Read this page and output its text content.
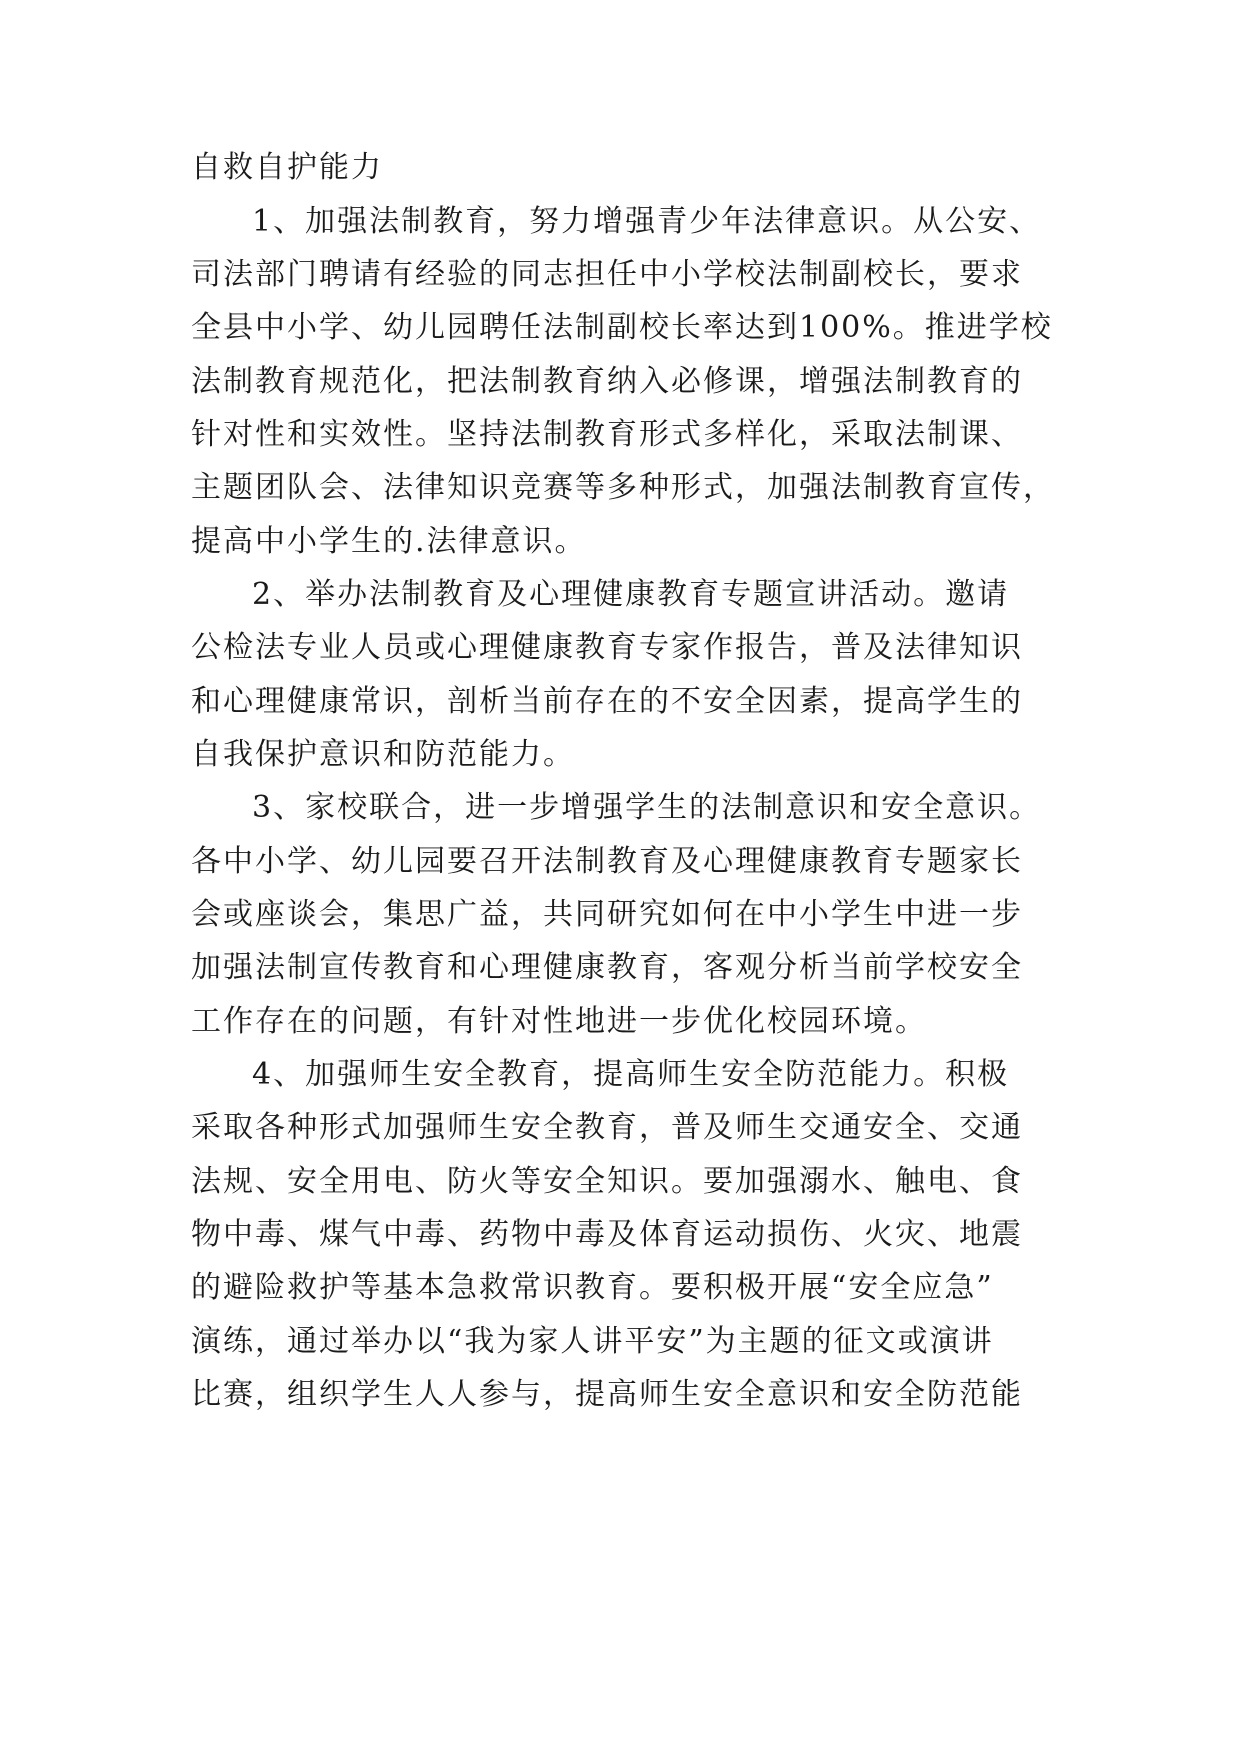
自救自护能力
1、加强法制教育，努力增强青少年法律意识。从公安、
司法部门聘请有经验的同志担任中小学校法制副校长，要求
全县中小学、幼儿园聘任法制副校长率达到100%。推进学校
法制教育规范化，把法制教育纳入必修课，增强法制教育的
针对性和实效性。坚持法制教育形式多样化，采取法制课、
主题团队会、法律知识竞赛等多种形式，加强法制教育宣传，
提高中小学生的.法律意识。
2、举办法制教育及心理健康教育专题宣讲活动。邀请
公检法专业人员或心理健康教育专家作报告，普及法律知识
和心理健康常识，剖析当前存在的不安全因素，提高学生的
自我保护意识和防范能力。
3、家校联合，进一步增强学生的法制意识和安全意识。
各中小学、幼儿园要召开法制教育及心理健康教育专题家长
会或座谈会，集思广益，共同研究如何在中小学生中进一步
加强法制宣传教育和心理健康教育，客观分析当前学校安全
工作存在的问题，有针对性地进一步优化校园环境。
4、加强师生安全教育，提高师生安全防范能力。积极
采取各种形式加强师生安全教育，普及师生交通安全、交通
法规、安全用电、防火等安全知识。要加强溺水、触电、食
物中毒、煤气中毒、药物中毒及体育运动损伤、火灾、地震
的避险救护等基本急救常识教育。要积极开展“安全应急”
演练，通过举办以“我为家人讲平安”为主题的征文或演讲
比赛，组织学生人人参与，提高师生安全意识和安全防范能
